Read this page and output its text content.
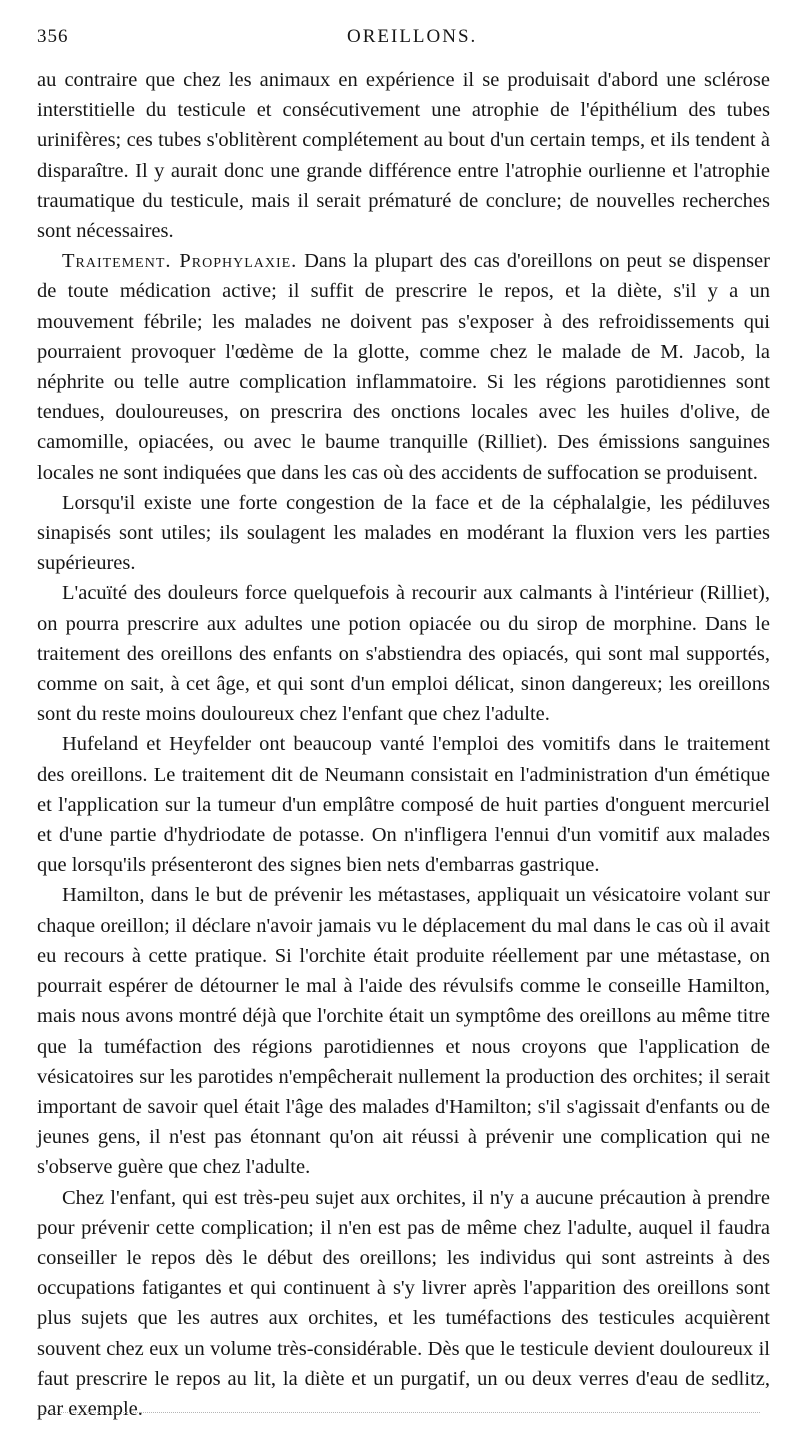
356	OREILLONS.

au contraire que chez les animaux en expérience il se produisait d'abord une sclérose interstitielle du testicule et consécutivement une atrophie de l'épithélium des tubes urinifères; ces tubes s'oblitèrent complétement au bout d'un certain temps, et ils tendent à disparaître. Il y aurait donc une grande différence entre l'atrophie ourlienne et l'atrophie traumatique du testicule, mais il serait prématuré de conclure; de nouvelles recherches sont nécessaires.

Traitement. Prophylaxie. Dans la plupart des cas d'oreillons on peut se dispenser de toute médication active; il suffit de prescrire le repos, et la diète, s'il y a un mouvement fébrile; les malades ne doivent pas s'exposer à des refroidissements qui pourraient provoquer l'œdème de la glotte, comme chez le malade de M. Jacob, la néphrite ou telle autre complication inflammatoire. Si les régions parotidiennes sont tendues, douloureuses, on prescrira des onctions locales avec les huiles d'olive, de camomille, opiacées, ou avec le baume tranquille (Rilliet). Des émissions sanguines locales ne sont indiquées que dans les cas où des accidents de suffocation se produisent.

Lorsqu'il existe une forte congestion de la face et de la céphalalgie, les pédiluves sinapisés sont utiles; ils soulagent les malades en modérant la fluxion vers les parties supérieures.

L'acuïté des douleurs force quelquefois à recourir aux calmants à l'intérieur (Rilliet), on pourra prescrire aux adultes une potion opiacée ou du sirop de morphine. Dans le traitement des oreillons des enfants on s'abstiendra des opiacés, qui sont mal supportés, comme on sait, à cet âge, et qui sont d'un emploi délicat, sinon dangereux; les oreillons sont du reste moins douloureux chez l'enfant que chez l'adulte.

Hufeland et Heyfelder ont beaucoup vanté l'emploi des vomitifs dans le traitement des oreillons. Le traitement dit de Neumann consistait en l'administration d'un émétique et l'application sur la tumeur d'un emplâtre composé de huit parties d'onguent mercuriel et d'une partie d'hydriodate de potasse. On n'infligera l'ennui d'un vomitif aux malades que lorsqu'ils présenteront des signes bien nets d'embarras gastrique.

Hamilton, dans le but de prévenir les métastases, appliquait un vésicatoire volant sur chaque oreillon; il déclare n'avoir jamais vu le déplacement du mal dans le cas où il avait eu recours à cette pratique. Si l'orchite était produite réellement par une métastase, on pourrait espérer de détourner le mal à l'aide des révulsifs comme le conseille Hamilton, mais nous avons montré déjà que l'orchite était un symptôme des oreillons au même titre que la tuméfaction des régions parotidiennes et nous croyons que l'application de vésicatoires sur les parotides n'empêcherait nullement la production des orchites; il serait important de savoir quel était l'âge des malades d'Hamilton; s'il s'agissait d'enfants ou de jeunes gens, il n'est pas étonnant qu'on ait réussi à prévenir une complication qui ne s'observe guère que chez l'adulte.

Chez l'enfant, qui est très-peu sujet aux orchites, il n'y a aucune précaution à prendre pour prévenir cette complication; il n'en est pas de même chez l'adulte, auquel il faudra conseiller le repos dès le début des oreillons; les individus qui sont astreints à des occupations fatigantes et qui continuent à s'y livrer après l'apparition des oreillons sont plus sujets que les autres aux orchites, et les tuméfactions des testicules acquièrent souvent chez eux un volume très-considérable. Dès que le testicule devient douloureux il faut prescrire le repos au lit, la diète et un purgatif, un ou deux verres d'eau de sedlitz, par exemple.
